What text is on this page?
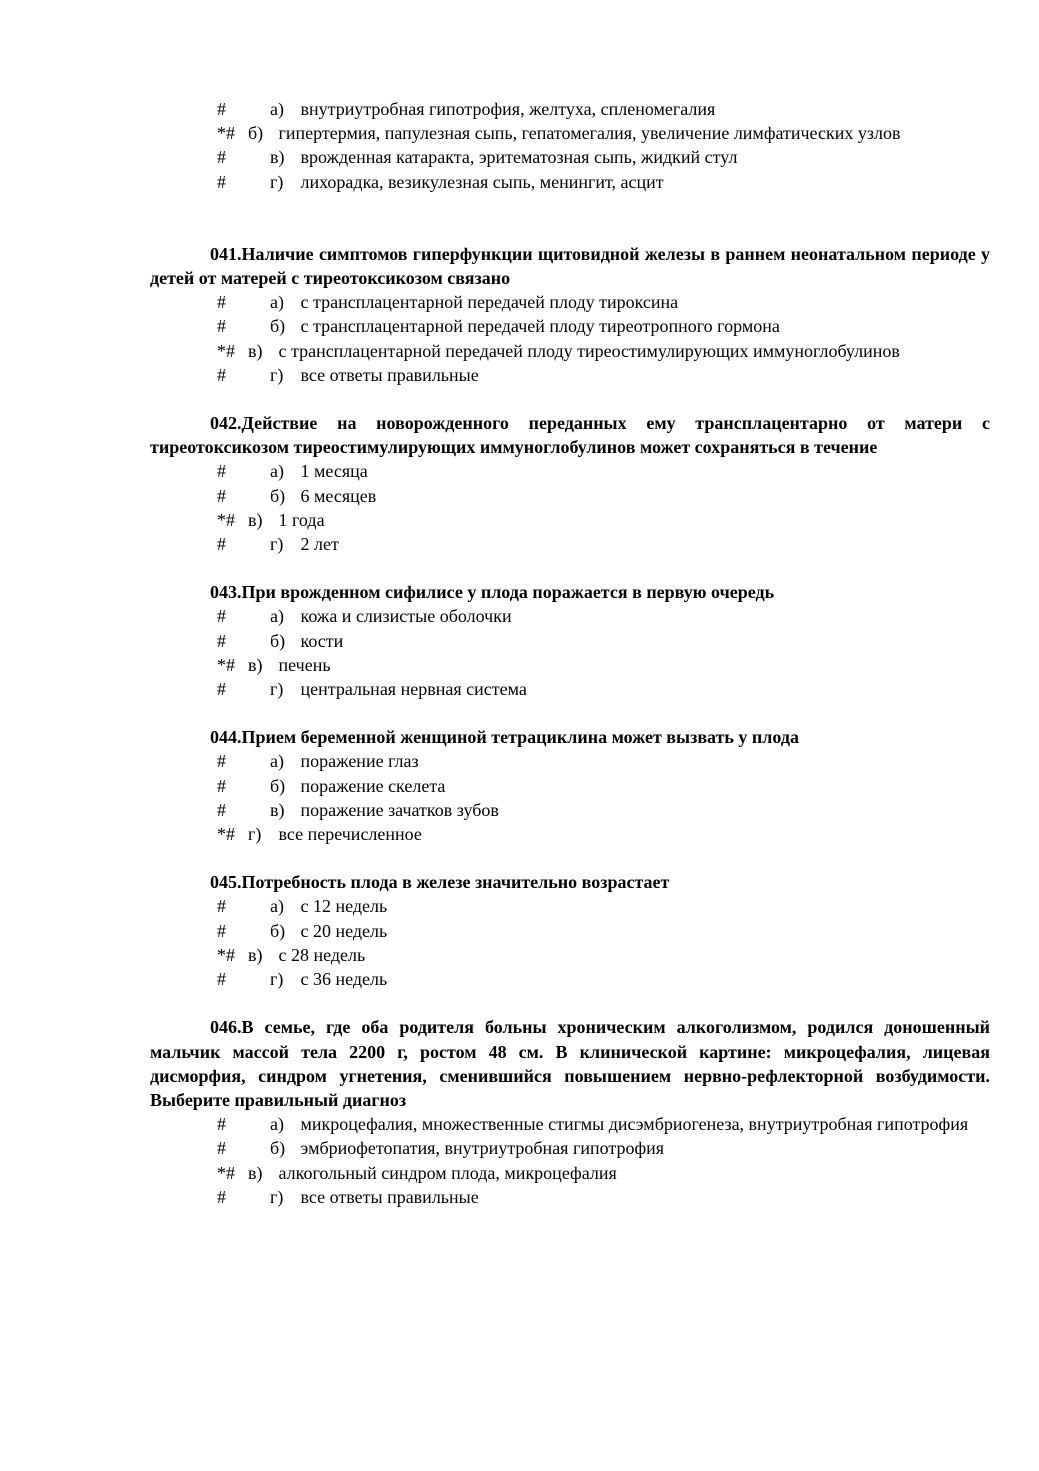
# а) внутриутробная гипотрофия, желтуха, спленомегалия

*# б) гипертермия, папулезная сыпь, гепатомегалия, увеличение лимфатических узлов

# в) врожденная катаракта, эритематозная сыпь, жидкий стул

# г) лихорадка, везикулезная сыпь, менингит, асцит

041.Наличие симптомов гиперфункции щитовидной железы в раннем неонатальном периоде у детей от матерей с тиреотоксикозом связано

# а) с трансплацентарной передачей плоду тироксина

# б) с трансплацентарной передачей плоду тиреотропного гормона

*# в) с трансплацентарной передачей плоду тиреостимулирующих иммуноглобулинов

# г) все ответы правильные

042.Действие на новорожденного переданных ему трансплацентарно от матери с тиреотоксикозом тиреостимулирующих иммуноглобулинов может сохраняться в течение

# а) 1 месяца

# б) 6 месяцев

*# в) 1 года

# г) 2 лет

043.При врожденном сифилисе у плода поражается в первую очередь

# а) кожа и слизистые оболочки

# б) кости

*# в) печень

# г) центральная нервная система

044.Прием беременной женщиной тетрациклина может вызвать у плода

# а) поражение глаз

# б) поражение скелета

# в) поражение зачатков зубов

*# г) все перечисленное

045.Потребность плода в железе значительно возрастает

# а) с 12 недель

# б) с 20 недель

*# в) с 28 недель

# г) с 36 недель

046.В семье, где оба родителя больны хроническим алкоголизмом, родился доношенный мальчик массой тела 2200 г, ростом 48 см. В клинической картине: микроцефалия, лицевая дисморфия, синдром угнетения, сменившийся повышением нервно-рефлекторной возбудимости. Выберите правильный диагноз

# а) микроцефалия, множественные стигмы дисэмбриогенеза, внутриутробная гипотрофия

# б) эмбриофетопатия, внутриутробная гипотрофия

*# в) алкогольный синдром плода, микроцефалия

# г) все ответы правильные
